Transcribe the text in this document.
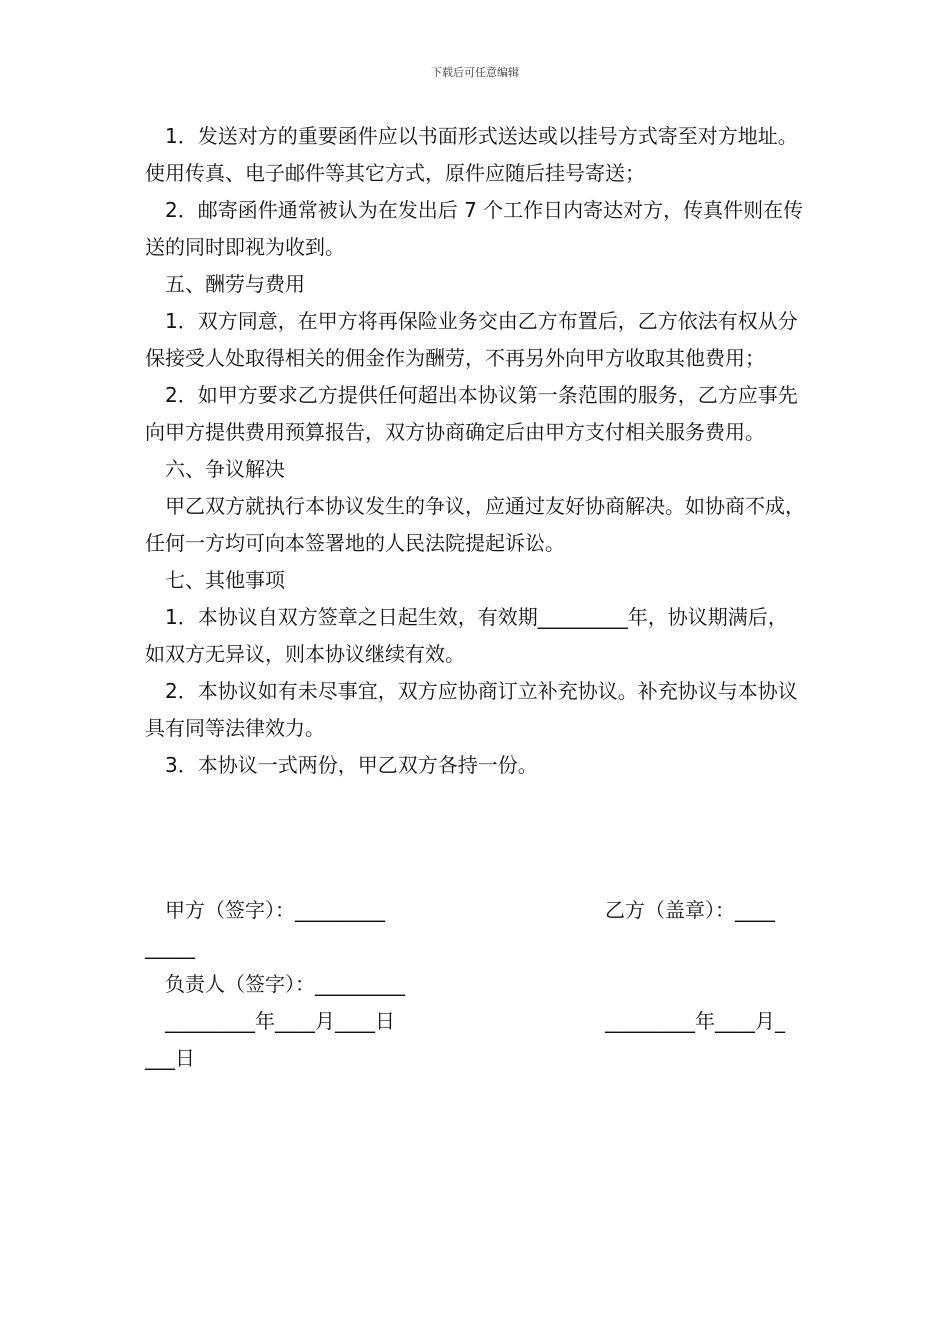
下载后可任意编辑

1．发送对方的重要函件应以书面形式送达或以挂号方式寄至对方地址。使用传真、电子邮件等其它方式，原件应随后挂号寄送；

2．邮寄函件通常被认为在发出后 7 个工作日内寄达对方，传真件则在传送的同时即视为收到。

五、酬劳与费用

1．双方同意，在甲方将再保险业务交由乙方布置后，乙方依法有权从分保接受人处取得相关的佣金作为酬劳，不再另外向甲方收取其他费用；

2．如甲方要求乙方提供任何超出本协议第一条范围的服务，乙方应事先向甲方提供费用预算报告，双方协商确定后由甲方支付相关服务费用。

六、争议解决

甲乙双方就执行本协议发生的争议，应通过友好协商解决。如协商不成，任何一方均可向本签署地的人民法院提起诉讼。

七、其他事项

1．本协议自双方签章之日起生效，有效期_________年，协议期满后，如双方无异议，则本协议继续有效。

2．本协议如有未尽事宜，双方应协商订立补充协议。补充协议与本协议具有同等法律效力。

3．本协议一式两份，甲乙双方各持一份。

甲方（签字）：_________	乙方（盖章）：____
_____
负责人（签字）：_________
_________年____月____日	_________年____月_
___日
